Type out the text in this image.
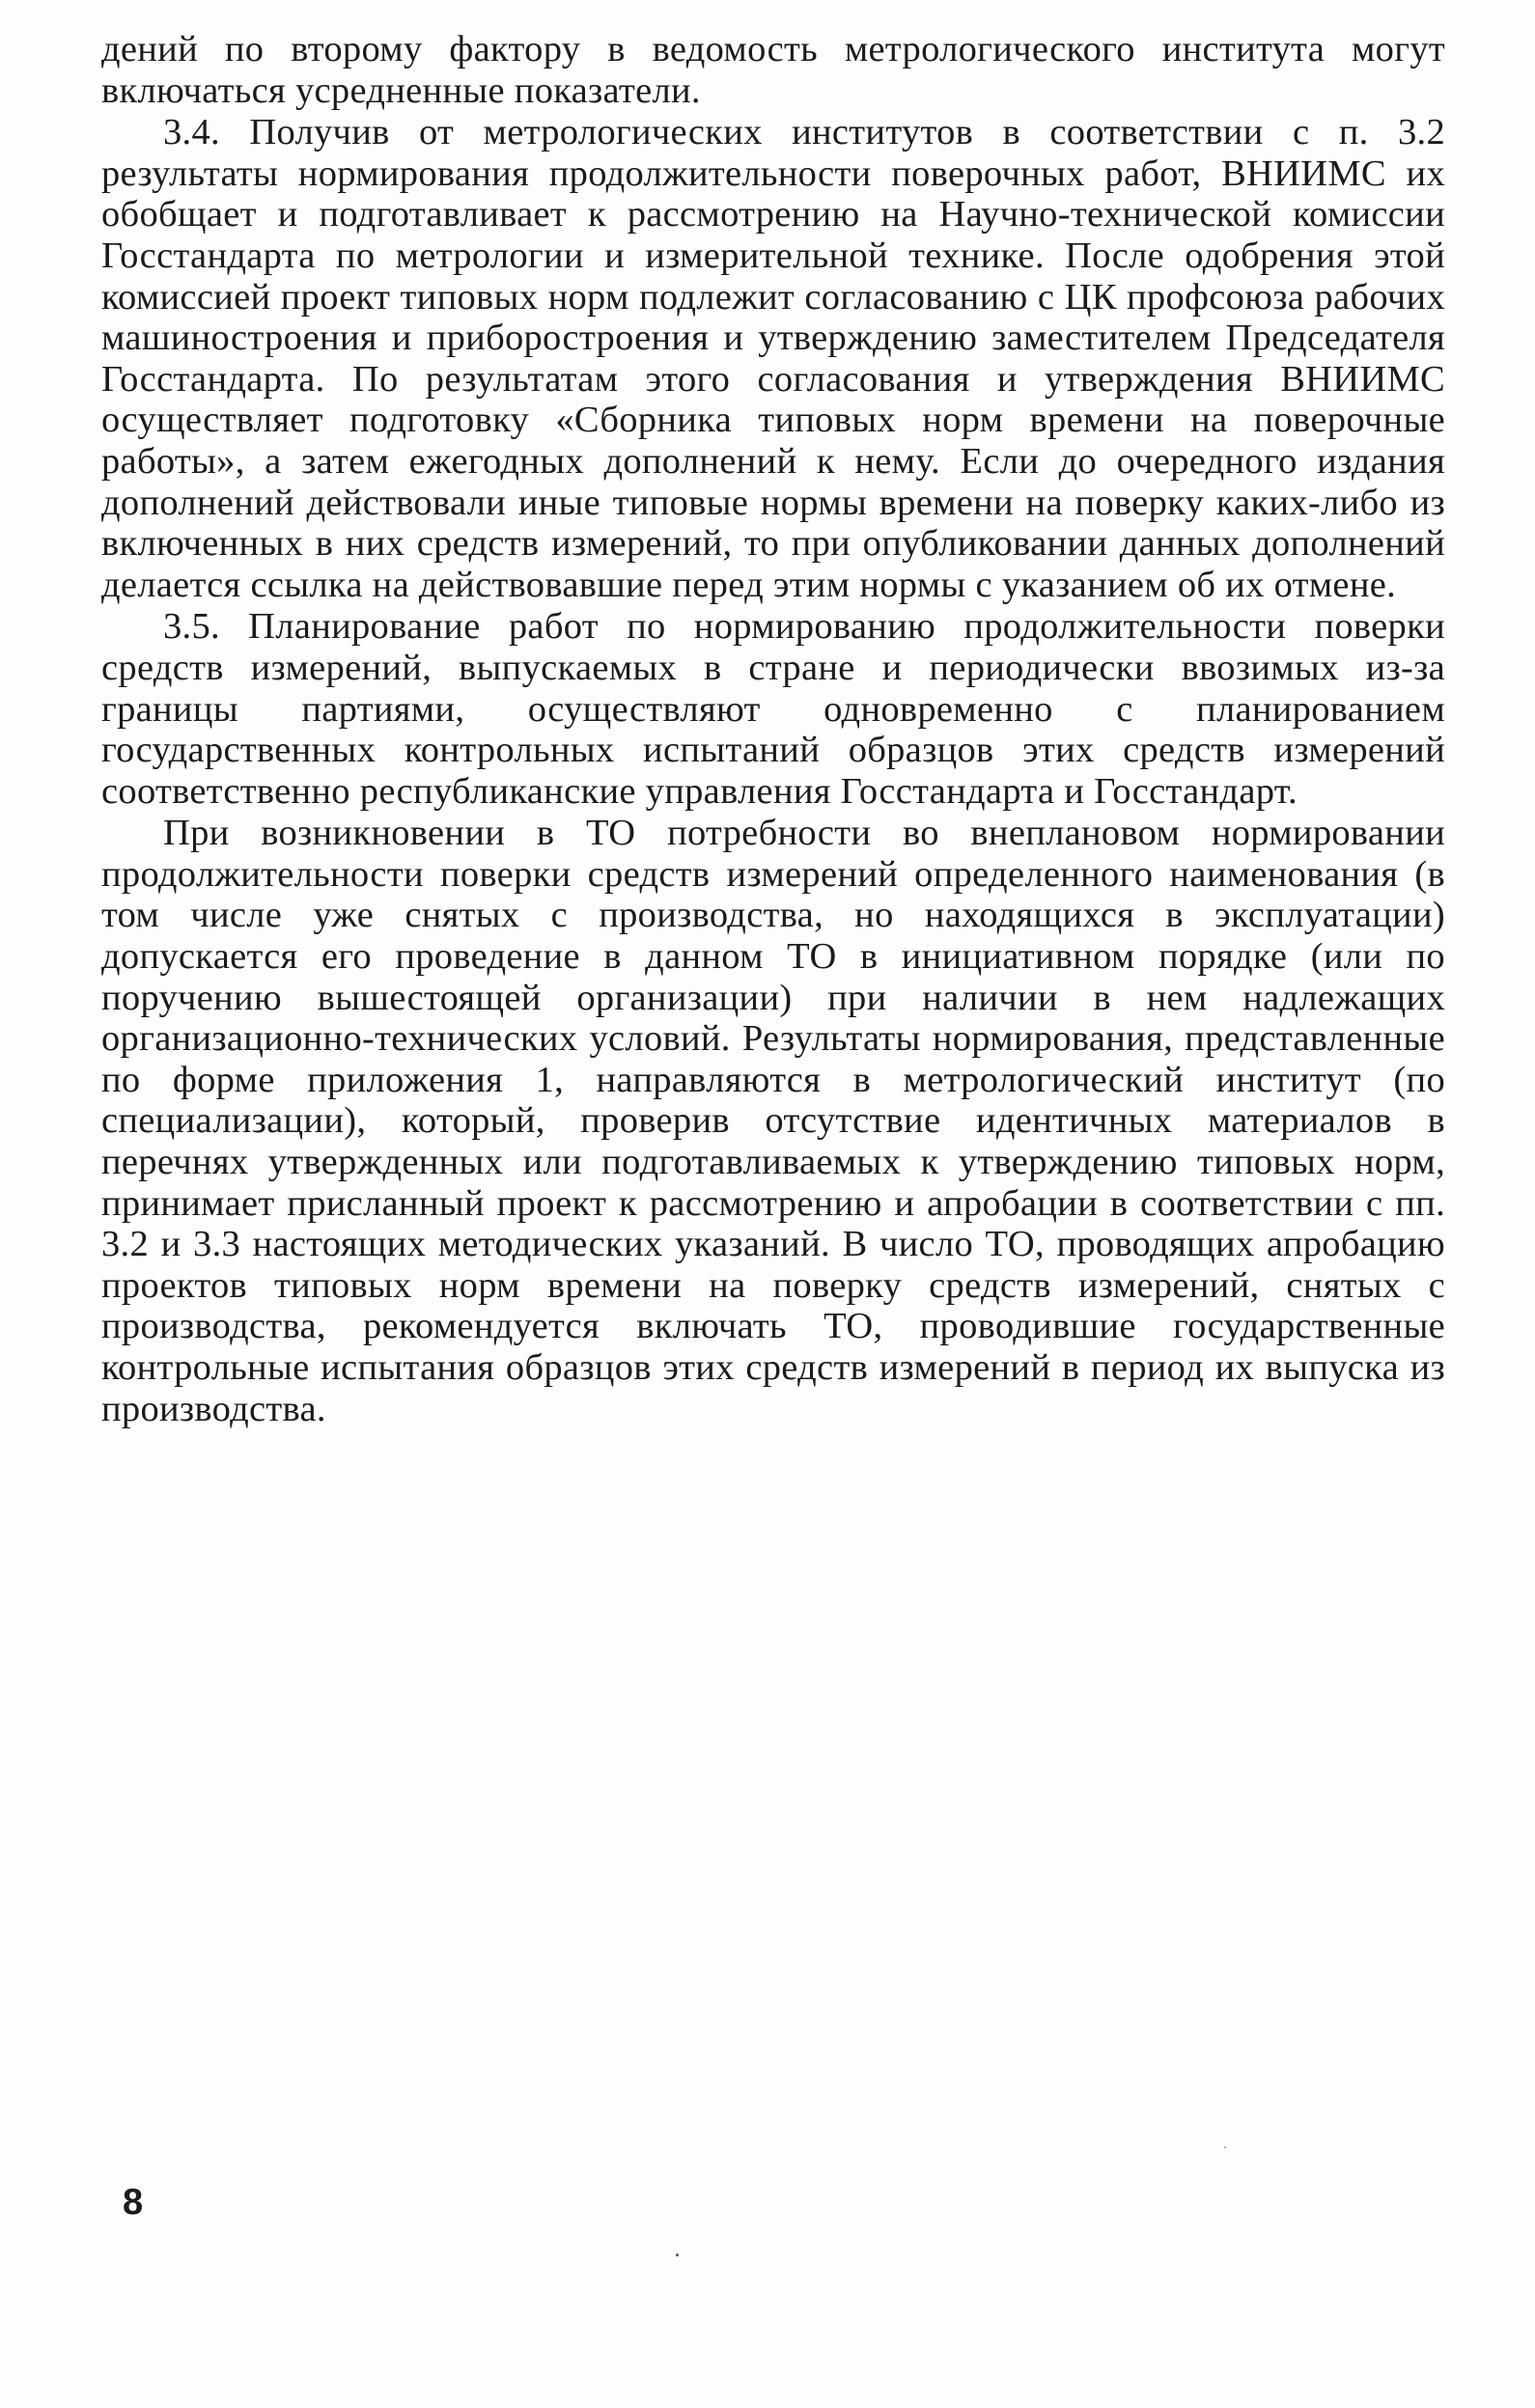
дений по второму фактору в ведомость метрологического института могут включаться усредненные показатели.

3.4. Получив от метрологических институтов в соответствии с п. 3.2 результаты нормирования продолжительности поверочных работ, ВНИИМС их обобщает и подготавливает к рассмотрению на Научно-технической комиссии Госстандарта по метрологии и измерительной технике. После одобрения этой комиссией проект типовых норм подлежит согласованию с ЦК профсоюза рабочих машиностроения и приборостроения и утверждению заместителем Председателя Госстандарта. По результатам этого согласования и утверждения ВНИИМС осуществляет подготовку «Сборника типовых норм времени на поверочные работы», а затем ежегодных дополнений к нему. Если до очередного издания дополнений действовали иные типовые нормы времени на поверку каких-либо из включенных в них средств измерений, то при опубликовании данных дополнений делается ссылка на действовавшие перед этим нормы с указанием об их отмене.

3.5. Планирование работ по нормированию продолжительности поверки средств измерений, выпускаемых в стране и периодически ввозимых из-за границы партиями, осуществляют одновременно с планированием государственных контрольных испытаний образцов этих средств измерений соответственно республиканские управления Госстандарта и Госстандарт.

При возникновении в ТО потребности во внеплановом нормировании продолжительности поверки средств измерений определенного наименования (в том числе уже снятых с производства, но находящихся в эксплуатации) допускается его проведение в данном ТО в инициативном порядке (или по поручению вышестоящей организации) при наличии в нем надлежащих организационно-технических условий. Результаты нормирования, представленные по форме приложения 1, направляются в метрологический институт (по специализации), который, проверив отсутствие идентичных материалов в перечнях утвержденных или подготавливаемых к утверждению типовых норм, принимает присланный проект к рассмотрению и апробации в соответствии с пп. 3.2 и 3.3 настоящих методических указаний. В число ТО, проводящих апробацию проектов типовых норм времени на поверку средств измерений, снятых с производства, рекомендуется включать ТО, проводившие государственные контрольные испытания образцов этих средств измерений в период их выпуска из производства.

8
